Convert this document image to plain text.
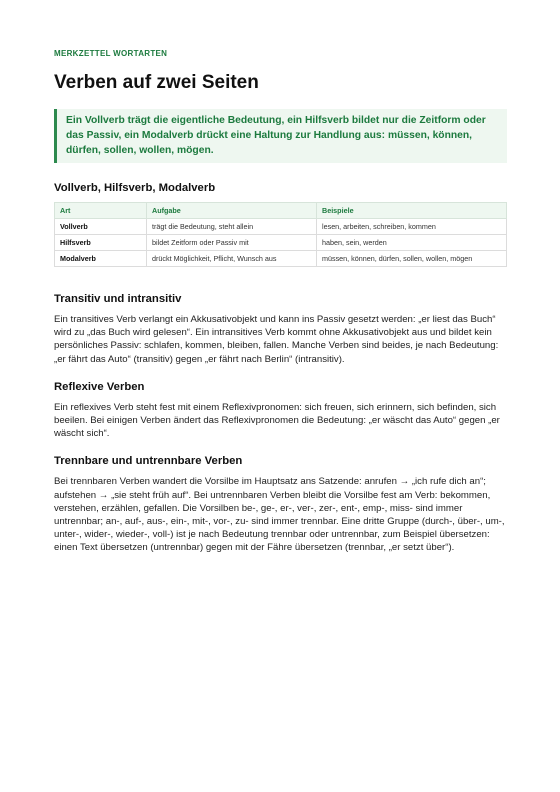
MERKZETTEL WORTARTEN
Verben auf zwei Seiten
Ein Vollverb trägt die eigentliche Bedeutung, ein Hilfsverb bildet nur die Zeitform oder das Passiv, ein Modalverb drückt eine Haltung zur Handlung aus: müssen, können, dürfen, sollen, wollen, mögen.
Vollverb, Hilfsverb, Modalverb
Art	Aufgabe	Beispiele
Vollverb	trägt die Bedeutung, steht allein	lesen, arbeiten, schreiben, kommen
Hilfsverb	bildet Zeitform oder Passiv mit	haben, sein, werden
Modalverb	drückt Möglichkeit, Pflicht, Wunsch aus	müssen, können, dürfen, sollen, wollen, mögen
Transitiv und intransitiv

Ein transitives Verb verlangt ein Akkusativobjekt und kann ins Passiv gesetzt werden: „er liest das Buch“ wird zu „das Buch wird gelesen“. Ein intransitives Verb kommt ohne Akkusativobjekt aus und bildet kein persönliches Passiv: schlafen, kommen, bleiben, fallen. Manche Verben sind beides, je nach Bedeutung: „er fährt das Auto“ (transitiv) gegen „er fährt nach Berlin“ (intransitiv).

Reflexive Verben

Ein reflexives Verb steht fest mit einem Reflexivpronomen: sich freuen, sich erinnern, sich befinden, sich beeilen. Bei einigen Verben ändert das Reflexivpronomen die Bedeutung: „er wäscht das Auto“ gegen „er wäscht sich“.

Trennbare und untrennbare Verben

Bei trennbaren Verben wandert die Vorsilbe im Hauptsatz ans Satzende: anrufen → „ich rufe dich an“; aufstehen → „sie steht früh auf“. Bei untrennbaren Verben bleibt die Vorsilbe fest am Verb: bekommen, verstehen, erzählen, gefallen. Die Vorsilben be-, ge-, er-, ver-, zer-, ent-, emp-, miss- sind immer untrennbar; an-, auf-, aus-, ein-, mit-, vor-, zu- sind immer trennbar. Eine dritte Gruppe (durch-, über-, um-, unter-, wider-, wieder-, voll-) ist je nach Bedeutung trennbar oder untrennbar, zum Beispiel übersetzen: einen Text übersetzen (untrennbar) gegen mit der Fähre übersetzen (trennbar, „er setzt über“).
